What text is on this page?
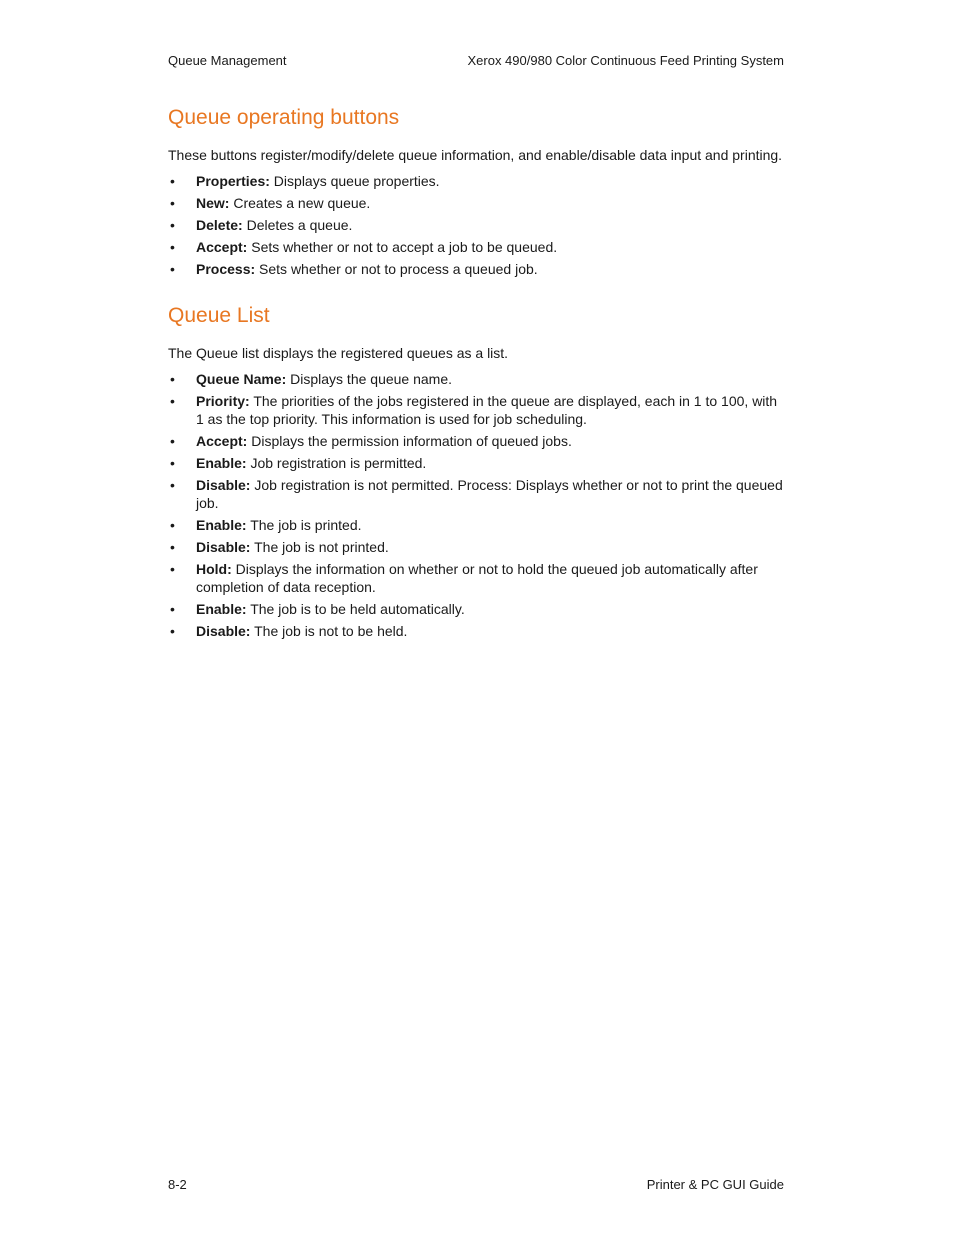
Queue Management	Xerox 490/980 Color Continuous Feed Printing System
Queue operating buttons

These buttons register/modify/delete queue information, and enable/disable data input and printing.

• Properties: Displays queue properties.
• New: Creates a new queue.
• Delete: Deletes a queue.
• Accept: Sets whether or not to accept a job to be queued.
• Process: Sets whether or not to process a queued job.
Queue List

The Queue list displays the registered queues as a list.

• Queue Name: Displays the queue name.
• Priority: The priorities of the jobs registered in the queue are displayed, each in 1 to 100, with 1 as the top priority. This information is used for job scheduling.
• Accept: Displays the permission information of queued jobs.
• Enable: Job registration is permitted.
• Disable: Job registration is not permitted. Process: Displays whether or not to print the queued job.
• Enable: The job is printed.
• Disable: The job is not printed.
• Hold: Displays the information on whether or not to hold the queued job automatically after completion of data reception.
• Enable: The job is to be held automatically.
• Disable: The job is not to be held.
8-2	Printer & PC GUI Guide
